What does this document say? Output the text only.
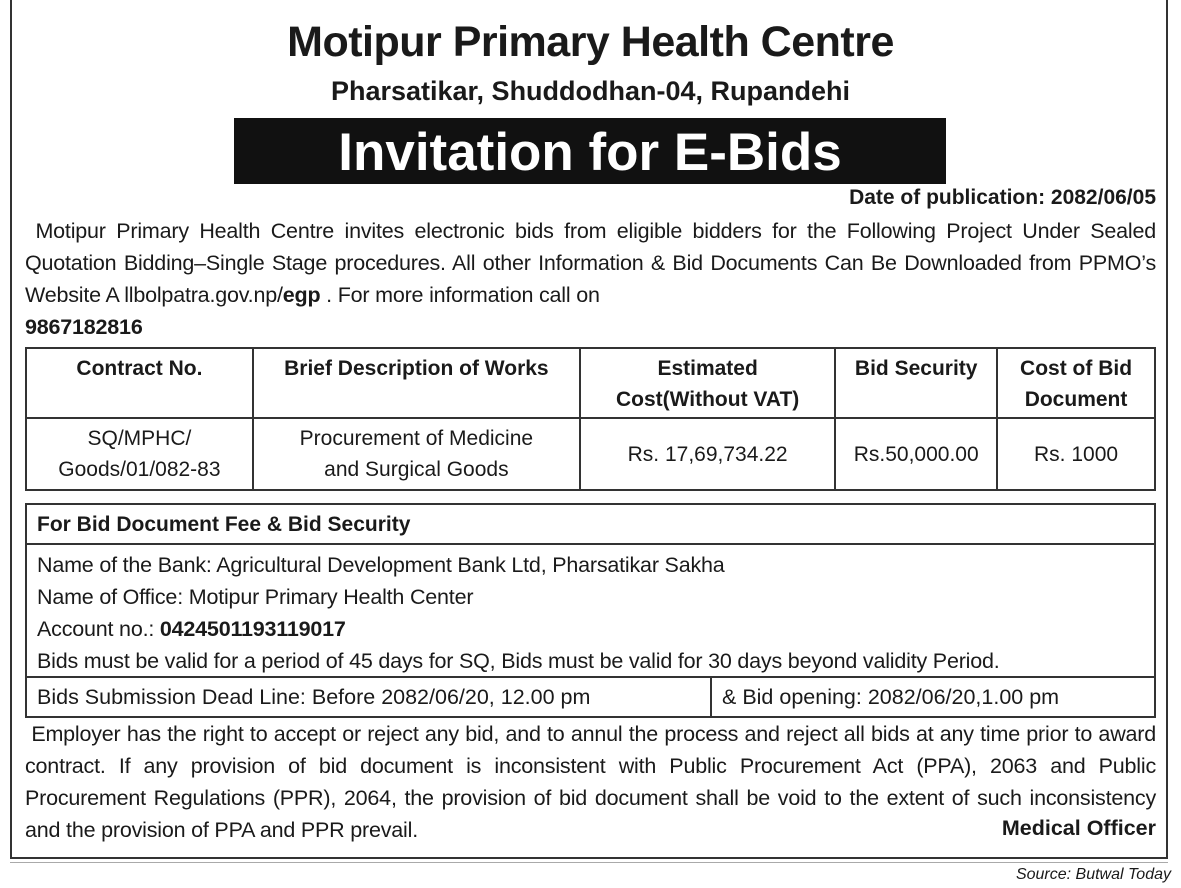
Motipur Primary Health Centre
Pharsatikar, Shuddodhan-04, Rupandehi
Invitation for E-Bids
Date of publication: 2082/06/05
Motipur Primary Health Centre invites electronic bids from eligible bidders for the Following Project Under Sealed Quotation Bidding–Single Stage procedures. All other Information & Bid Documents Can Be Downloaded from PPMO’s Website A llbolpatra.gov.np/egp . For more information call on
9867182816
Contract No.	Brief Description of Works	Estimated Cost(Without VAT)	Bid Security	Cost of Bid Document
SQ/MPHC/ Goods/01/082-83	Procurement of Medicine and Surgical Goods	Rs. 17,69,734.22	Rs.50,000.00	Rs. 1000
For Bid Document Fee & Bid Security
Name of the Bank: Agricultural Development Bank Ltd, Pharsatikar Sakha
Name of Office: Motipur Primary Health Center
Account no.: 0424501193119017
Bids must be valid for a period of 45 days for SQ, Bids must be valid for 30 days beyond validity Period.
Bids Submission Dead Line: Before 2082/06/20, 12.00 pm	& Bid opening: 2082/06/20,1.00 pm
Employer has the right to accept or reject any bid, and to annul the process and reject all bids at any time prior to award contract. If any provision of bid document is inconsistent with Public Procurement Act (PPA), 2063 and Public Procurement Regulations (PPR), 2064, the provision of bid document shall be void to the extent of such inconsistency and the provision of PPA and PPR prevail.	Medical Officer
Source: Butwal Today
